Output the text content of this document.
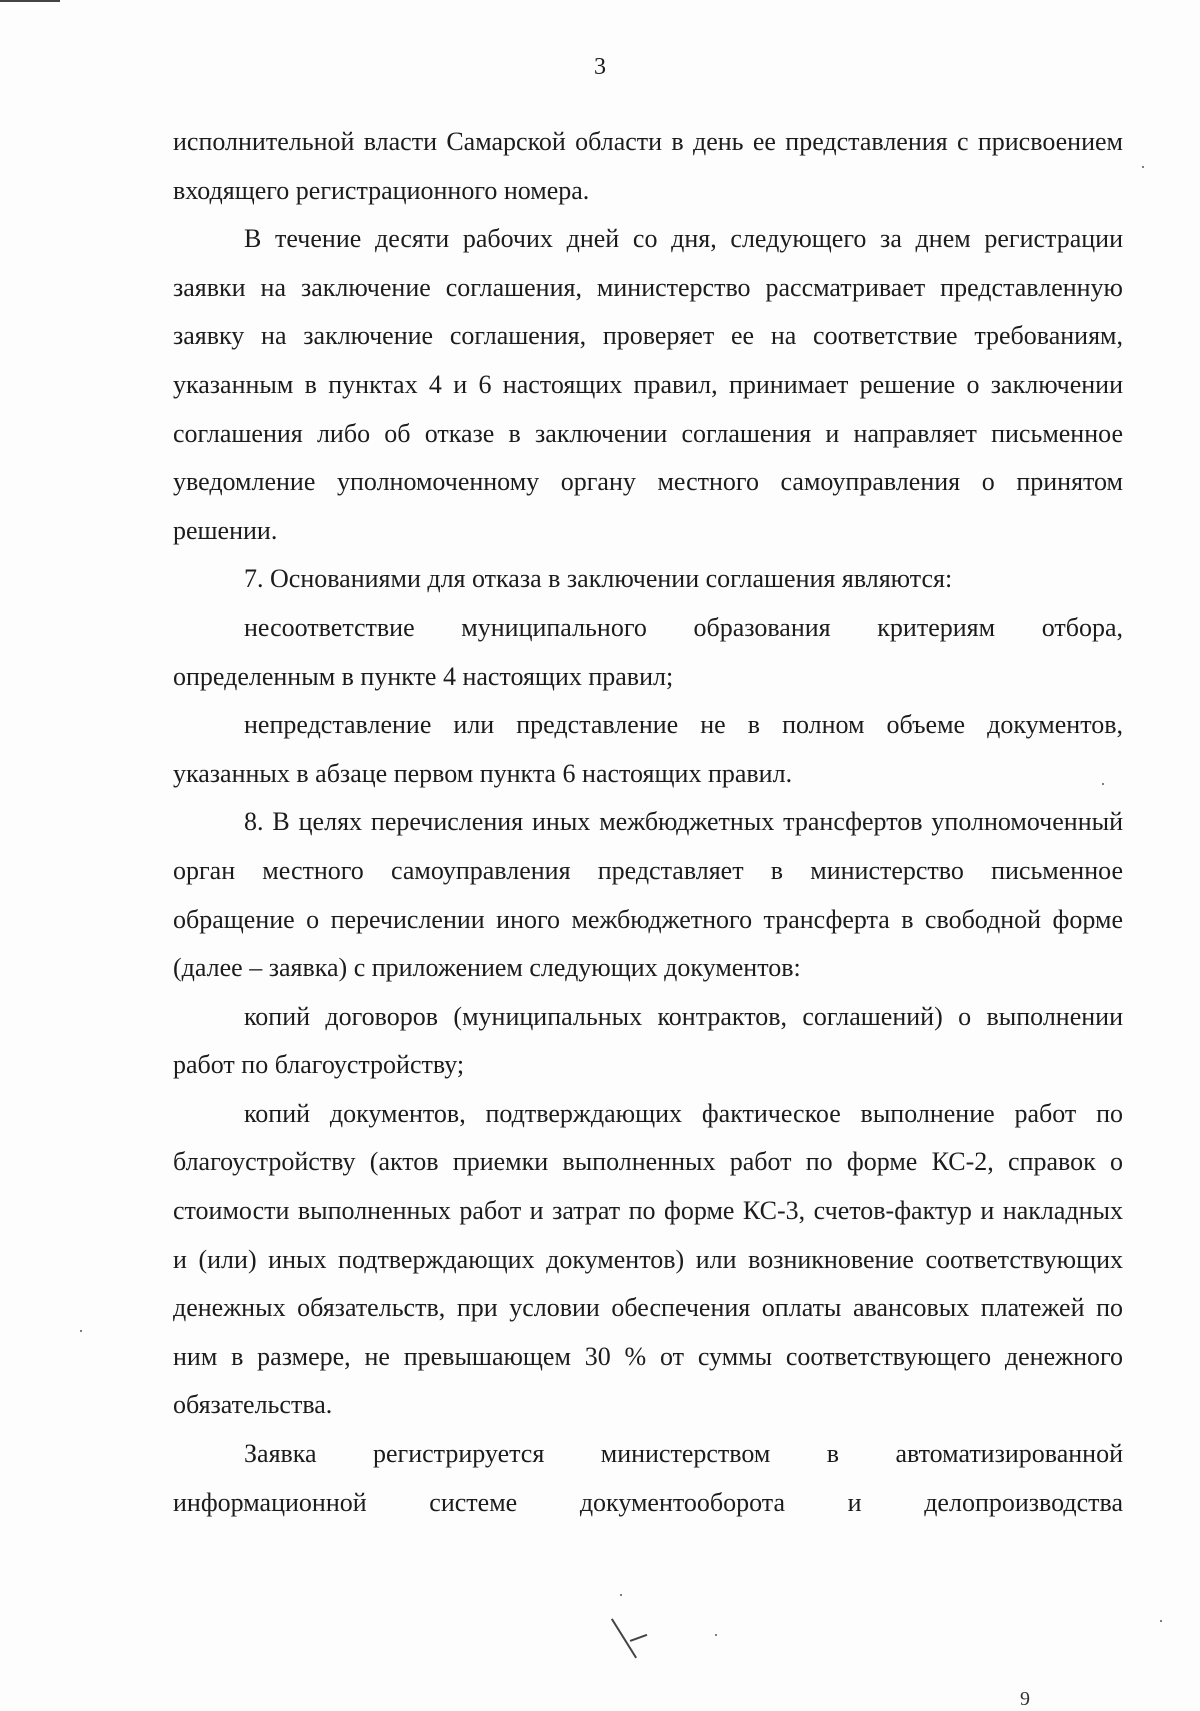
3

исполнительной власти Самарской области в день ее представления с присвоением входящего регистрационного номера.

В течение десяти рабочих дней со дня, следующего за днем регистрации заявки на заключение соглашения, министерство рассматривает представленную заявку на заключение соглашения, проверяет ее на соответствие требованиям, указанным в пунктах 4 и 6 настоящих правил, принимает решение о заключении соглашения либо об отказе в заключении соглашения и направляет письменное уведомление уполномоченному органу местного самоуправления о принятом решении.

7. Основаниями для отказа в заключении соглашения являются:

несоответствие муниципального образования критериям отбора, определенным в пункте 4 настоящих правил;

непредставление или представление не в полном объеме документов, указанных в абзаце первом пункта 6 настоящих правил.

8. В целях перечисления иных межбюджетных трансфертов уполномоченный орган местного самоуправления представляет в министерство письменное обращение о перечислении иного межбюджетного трансферта в свободной форме (далее – заявка) с приложением следующих документов:

копий договоров (муниципальных контрактов, соглашений) о выполнении работ по благоустройству;

копий документов, подтверждающих фактическое выполнение работ по благоустройству (актов приемки выполненных работ по форме КС-2, справок о стоимости выполненных работ и затрат по форме КС-3, счетов-фактур и накладных и (или) иных подтверждающих документов) или возникновение соответствующих денежных обязательств, при условии обеспечения оплаты авансовых платежей по ним в размере, не превышающем 30 % от суммы соответствующего денежного обязательства.

Заявка регистрируется министерством в автоматизированной информационной системе документооборота и делопроизводства

9
